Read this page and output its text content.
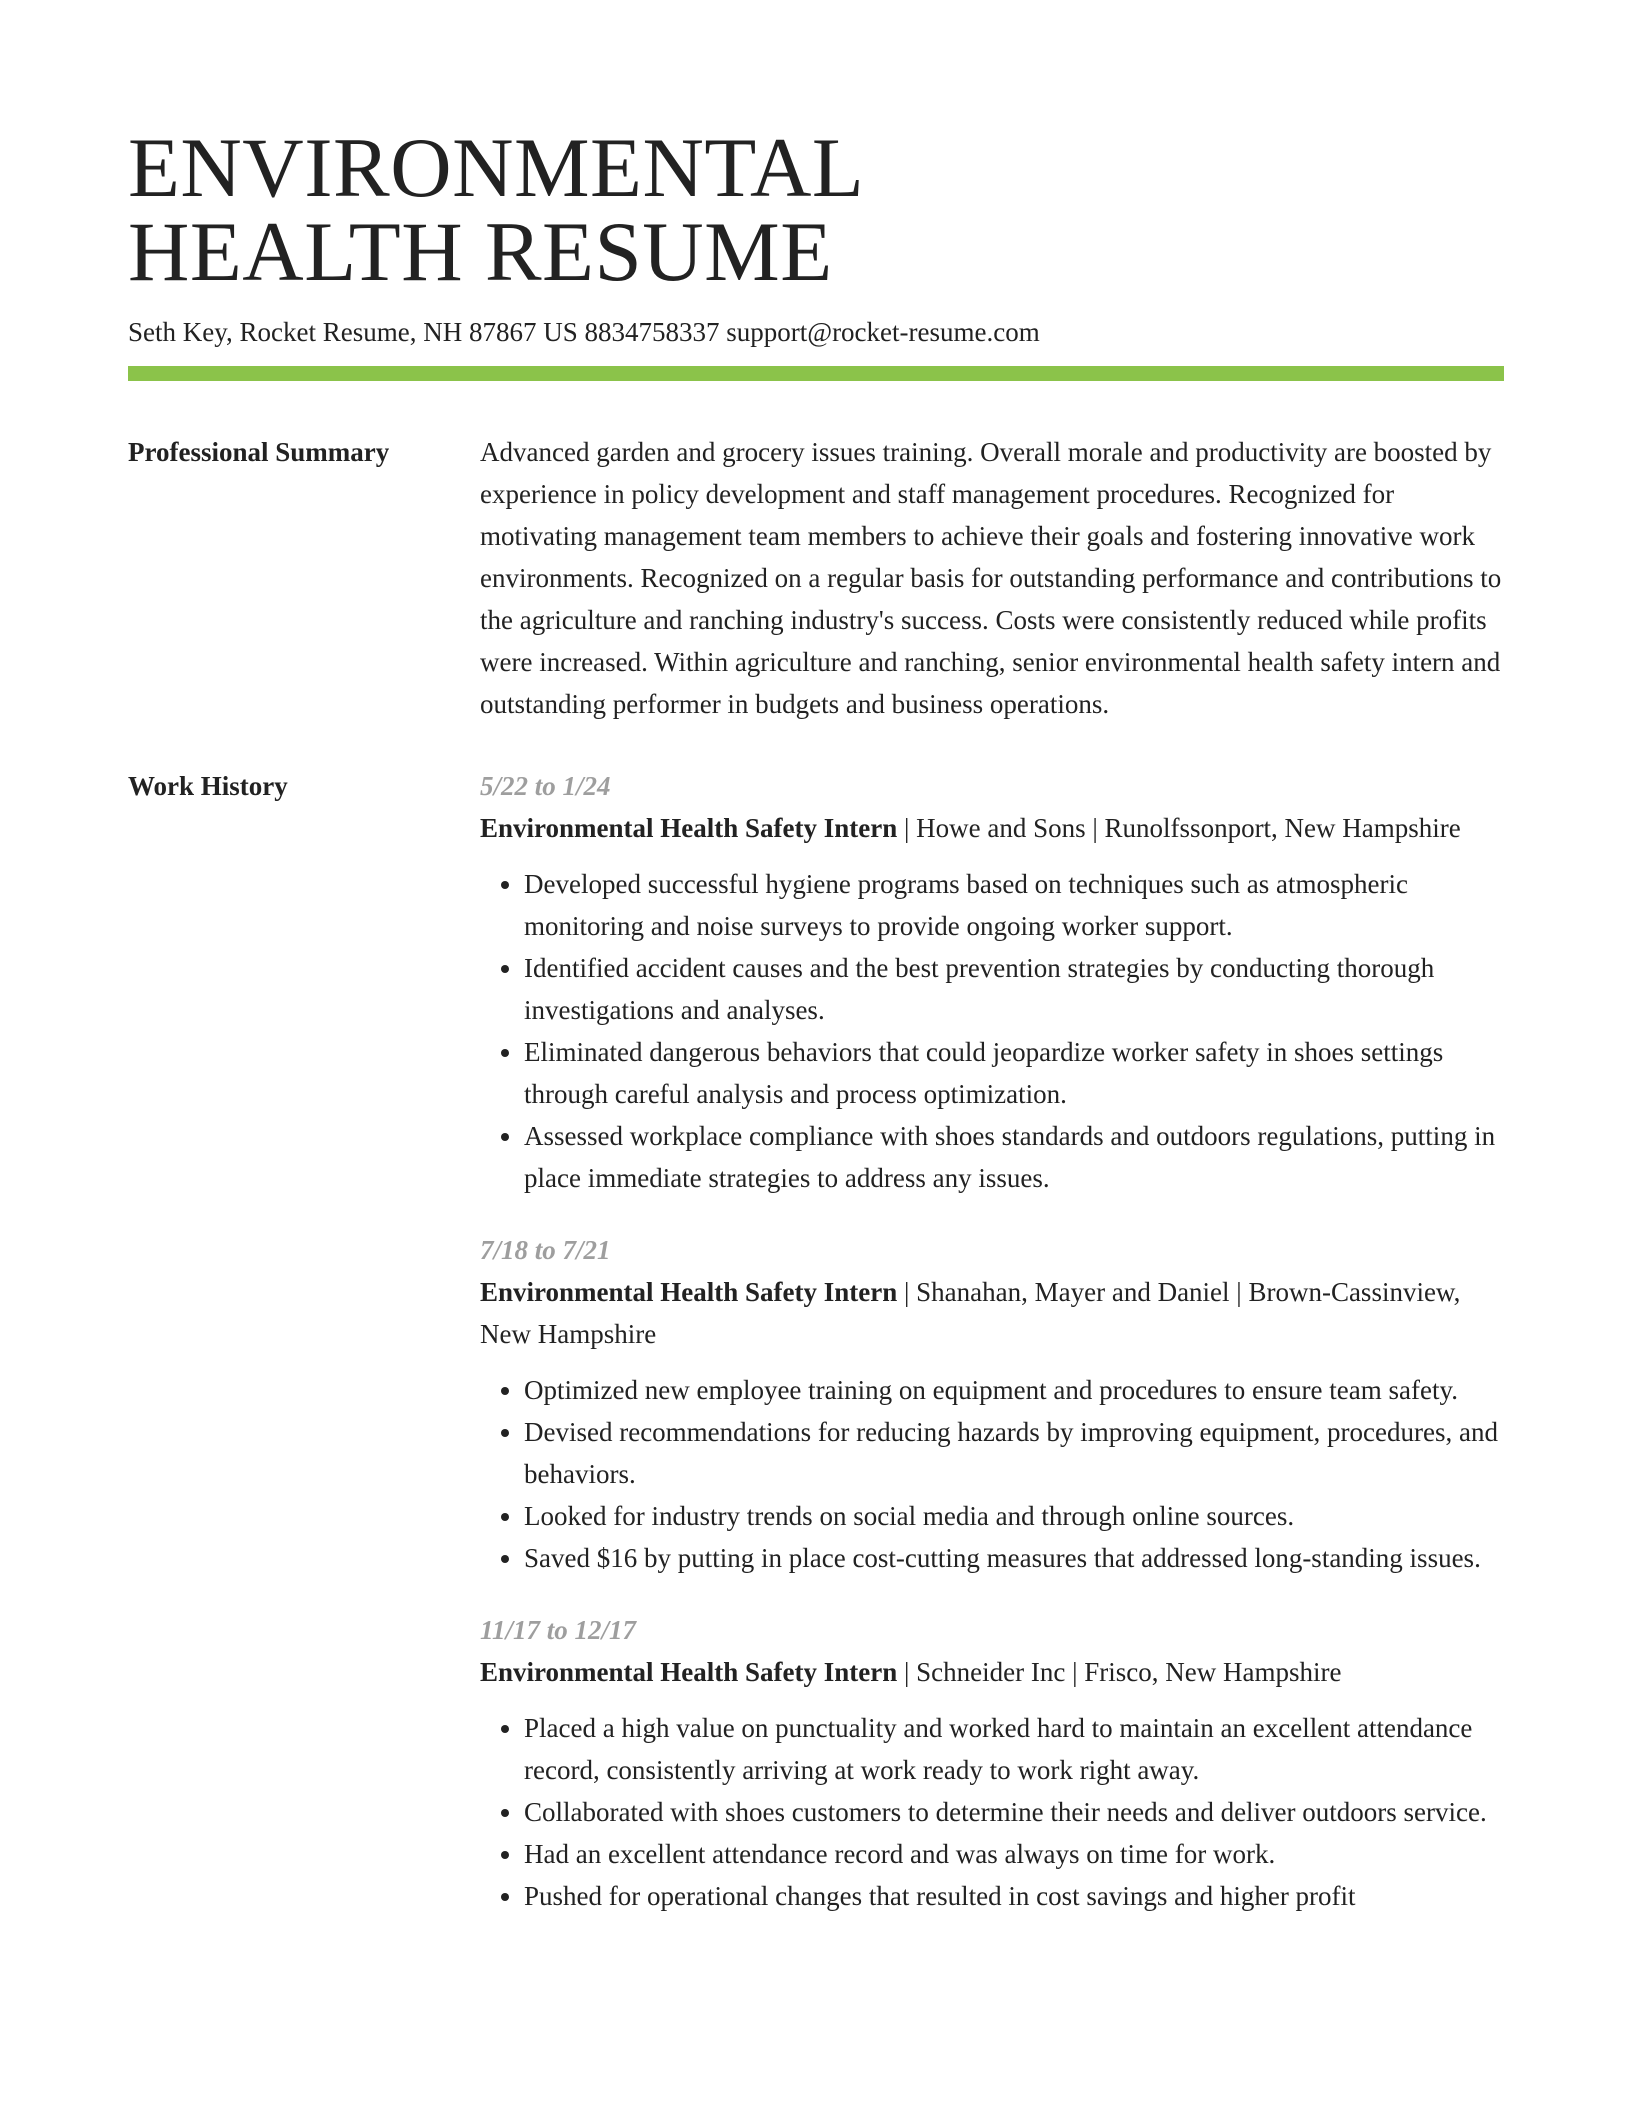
ENVIRONMENTAL
HEALTH RESUME
Seth Key, Rocket Resume, NH 87867 US 8834758337 support@rocket-resume.com
Professional Summary	Advanced garden and grocery issues training. Overall morale and productivity are boosted by experience in policy development and staff management procedures. Recognized for motivating management team members to achieve their goals and fostering innovative work environments. Recognized on a regular basis for outstanding performance and contributions to the agriculture and ranching industry's success. Costs were consistently reduced while profits were increased. Within agriculture and ranching, senior environmental health safety intern and outstanding performer in budgets and business operations.

Work History	5/22 to 1/24
Environmental Health Safety Intern | Howe and Sons | Runolfssonport, New Hampshire
• Developed successful hygiene programs based on techniques such as atmospheric monitoring and noise surveys to provide ongoing worker support.
• Identified accident causes and the best prevention strategies by conducting thorough investigations and analyses.
• Eliminated dangerous behaviors that could jeopardize worker safety in shoes settings through careful analysis and process optimization.
• Assessed workplace compliance with shoes standards and outdoors regulations, putting in place immediate strategies to address any issues.
7/18 to 7/21
Environmental Health Safety Intern | Shanahan, Mayer and Daniel | Brown-Cassinview, New Hampshire
• Optimized new employee training on equipment and procedures to ensure team safety.
• Devised recommendations for reducing hazards by improving equipment, procedures, and behaviors.
• Looked for industry trends on social media and through online sources.
• Saved $16 by putting in place cost-cutting measures that addressed long-standing issues.
11/17 to 12/17
Environmental Health Safety Intern | Schneider Inc | Frisco, New Hampshire
• Placed a high value on punctuality and worked hard to maintain an excellent attendance record, consistently arriving at work ready to work right away.
• Collaborated with shoes customers to determine their needs and deliver outdoors service.
• Had an excellent attendance record and was always on time for work.
• Pushed for operational changes that resulted in cost savings and higher profit
